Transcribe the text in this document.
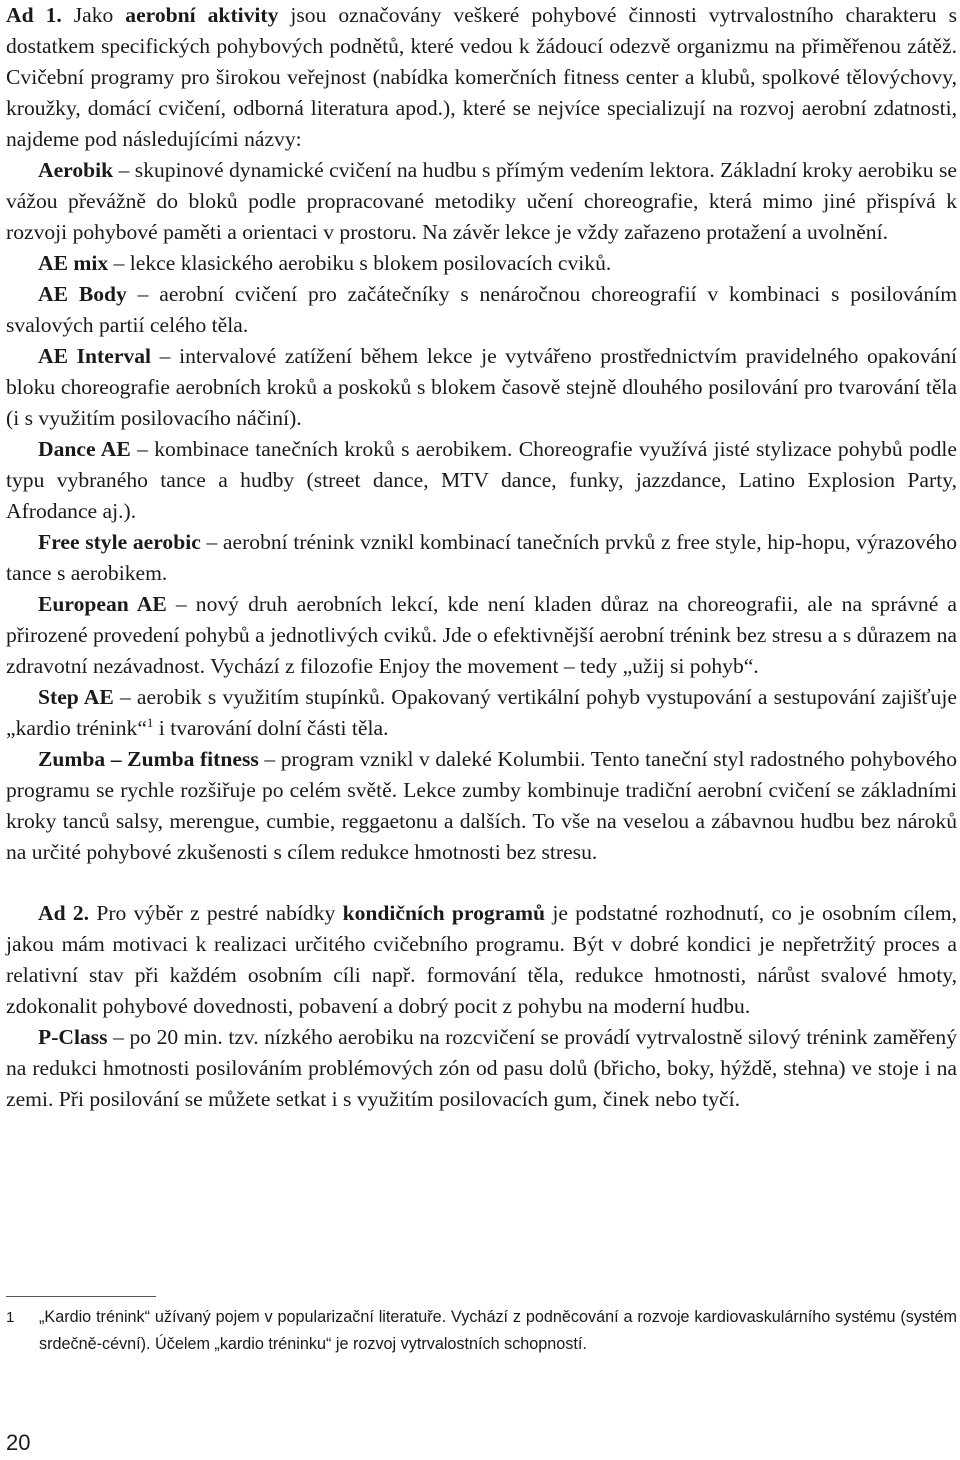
Ad 1. Jako aerobní aktivity jsou označovány veškeré pohybové činnosti vytrvalostního charakteru s dostatkem specifických pohybových podnětů, které vedou k žádoucí odezvě organizmu na přiměřenou zátěž. Cvičební programy pro širokou veřejnost (nabídka komerčních fitness center a klubů, spolkové tělovýchovy, kroužky, domácí cvičení, odborná literatura apod.), které se nejvíce specializují na rozvoj aerobní zdatnosti, najdeme pod následujícími názvy:

Aerobik – skupinové dynamické cvičení na hudbu s přímým vedením lektora. Základní kroky aerobiku se vážou převážně do bloků podle propracované metodiky učení choreografie, která mimo jiné přispívá k rozvoji pohybové paměti a orientaci v prostoru. Na závěr lekce je vždy zařazeno protažení a uvolnění.

AE mix – lekce klasického aerobiku s blokem posilovacích cviků.

AE Body – aerobní cvičení pro začátečníky s nenáročnou choreografií v kombinaci s posilováním svalových partií celého těla.

AE Interval – intervalové zatížení během lekce je vytvářeno prostřednictvím pravidelného opakování bloku choreografie aerobních kroků a poskoků s blokem časově stejně dlouhého posilování pro tvarování těla (i s využitím posilovacího náčiní).

Dance AE – kombinace tanečních kroků s aerobikem. Choreografie využívá jisté stylizace pohybů podle typu vybraného tance a hudby (street dance, MTV dance, funky, jazzdance, Latino Explosion Party, Afrodance aj.).

Free style aerobic – aerobní trénink vznikl kombinací tanečních prvků z free style, hip-hopu, výrazového tance s aerobikem.

European AE – nový druh aerobních lekcí, kde není kladen důraz na choreografii, ale na správné a přirozené provedení pohybů a jednotlivých cviků. Jde o efektivnější aerobní trénink bez stresu a s důrazem na zdravotní nezávadnost. Vychází z filozofie Enjoy the movement – tedy „užij si pohyb“.

Step AE – aerobik s využitím stupínků. Opakovaný vertikální pohyb vystupování a sestupování zajišťuje „kardio trénink“$^1$ i tvarování dolní části těla.

Zumba – Zumba fitness – program vznikl v daleké Kolumbii. Tento taneční styl radostného pohybového programu se rychle rozšiřuje po celém světě. Lekce zumby kombinuje tradiční aerobní cvičení se základními kroky tanců salsy, merengue, cumbie, reggaetonu a dalších. To vše na veselou a zábavnou hudbu bez nároků na určité pohybové zkušenosti s cílem redukce hmotnosti bez stresu.

Ad 2. Pro výběr z pestré nabídky kondičních programů je podstatné rozhodnutí, co je osobním cílem, jakou mám motivaci k realizaci určitého cvičebního programu. Být v dobré kondici je nepřetržitý proces a relativní stav při každém osobním cíli např. formování těla, redukce hmotnosti, nárůst svalové hmoty, zdokonalit pohybové dovednosti, pobavení a dobrý pocit z pohybu na moderní hudbu.

P-Class – po 20 min. tzv. nízkého aerobiku na rozcvičení se provádí vytrvalostně silový trénink zaměřený na redukci hmotnosti posilováním problémových zón od pasu dolů (břicho, boky, hýždě, stehna) ve stoje i na zemi. Při posilování se můžete setkat i s využitím posilovacích gum, činek nebo tyčí.

1 „Kardio trénink“ užívaný pojem v popularizační literatuře. Vychází z podněcování a rozvoje kardiovaskulárního systému (systém srdečně-cévní). Účelem „kardio tréninku“ je rozvoj vytrvalostních schopností.
20
